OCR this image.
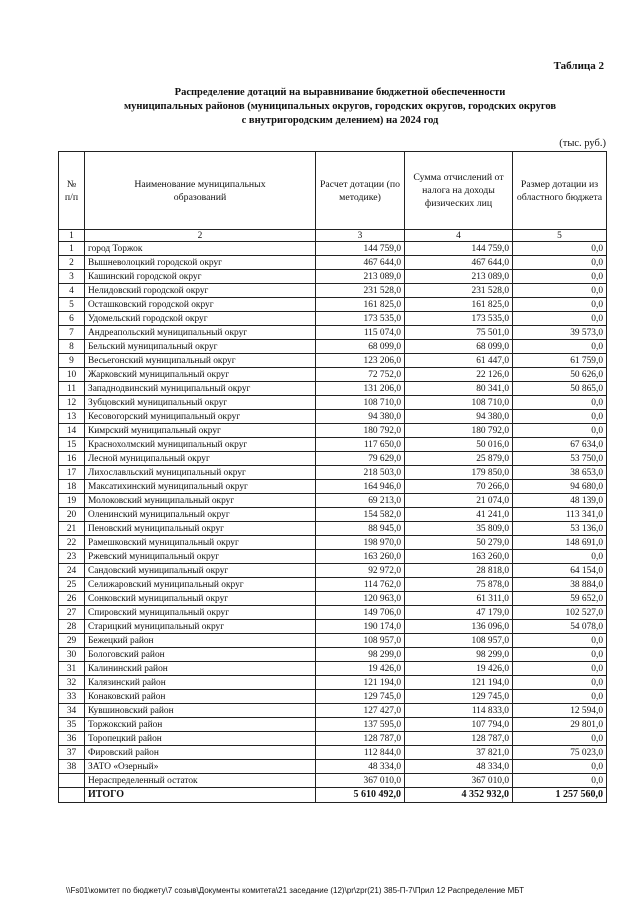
Таблица 2
Распределение дотаций на выравнивание бюджетной обеспеченности
муниципальных районов (муниципальных округов, городских округов, городских округов
с внутригородским делением) на 2024 год
(тыс. руб.)
№ п/п	Наименование муниципальных образований	Расчет дотации (по методике)	Сумма отчислений от налога на доходы физических лиц	Размер дотации из областного бюджета
1	2	3	4	5
1	город Торжок	144 759,0	144 759,0	0,0
2	Вышневолоцкий городской округ	467 644,0	467 644,0	0,0
3	Кашинский городской округ	213 089,0	213 089,0	0,0
4	Нелидовский городской округ	231 528,0	231 528,0	0,0
5	Осташковский городской округ	161 825,0	161 825,0	0,0
6	Удомельский городской округ	173 535,0	173 535,0	0,0
7	Андреапольский муниципальный округ	115 074,0	75 501,0	39 573,0
8	Бельский муниципальный округ	68 099,0	68 099,0	0,0
9	Весьегонский муниципальный округ	123 206,0	61 447,0	61 759,0
10	Жарковский муниципальный округ	72 752,0	22 126,0	50 626,0
11	Западнодвинский муниципальный округ	131 206,0	80 341,0	50 865,0
12	Зубцовский муниципальный округ	108 710,0	108 710,0	0,0
13	Кесовогорский муниципальный округ	94 380,0	94 380,0	0,0
14	Кимрский муниципальный округ	180 792,0	180 792,0	0,0
15	Краснохолмский муниципальный округ	117 650,0	50 016,0	67 634,0
16	Лесной муниципальный округ	79 629,0	25 879,0	53 750,0
17	Лихославльский муниципальный округ	218 503,0	179 850,0	38 653,0
18	Максатихинский муниципальный округ	164 946,0	70 266,0	94 680,0
19	Молоковский муниципальный округ	69 213,0	21 074,0	48 139,0
20	Оленинский муниципальный округ	154 582,0	41 241,0	113 341,0
21	Пеновский муниципальный округ	88 945,0	35 809,0	53 136,0
22	Рамешковский муниципальный округ	198 970,0	50 279,0	148 691,0
23	Ржевский муниципальный округ	163 260,0	163 260,0	0,0
24	Сандовский муниципальный округ	92 972,0	28 818,0	64 154,0
25	Селижаровский муниципальный округ	114 762,0	75 878,0	38 884,0
26	Сонковский муниципальный округ	120 963,0	61 311,0	59 652,0
27	Спировский муниципальный округ	149 706,0	47 179,0	102 527,0
28	Старицкий муниципальный округ	190 174,0	136 096,0	54 078,0
29	Бежецкий район	108 957,0	108 957,0	0,0
30	Бологовский район	98 299,0	98 299,0	0,0
31	Калининский район	19 426,0	19 426,0	0,0
32	Калязинский район	121 194,0	121 194,0	0,0
33	Конаковский район	129 745,0	129 745,0	0,0
34	Кувшиновский район	127 427,0	114 833,0	12 594,0
35	Торжокский район	137 595,0	107 794,0	29 801,0
36	Торопецкий район	128 787,0	128 787,0	0,0
37	Фировский район	112 844,0	37 821,0	75 023,0
38	ЗАТО «Озерный»	48 334,0	48 334,0	0,0
	Нераспределенный остаток	367 010,0	367 010,0	0,0
	ИТОГО	5 610 492,0	4 352 932,0	1 257 560,0
\\Fs01\комитет по бюджету\7 созыв\Документы комитета\21 заседание (12)\pr\zpr(21) 385-П-7\Прил 12 Распределение МБТ
